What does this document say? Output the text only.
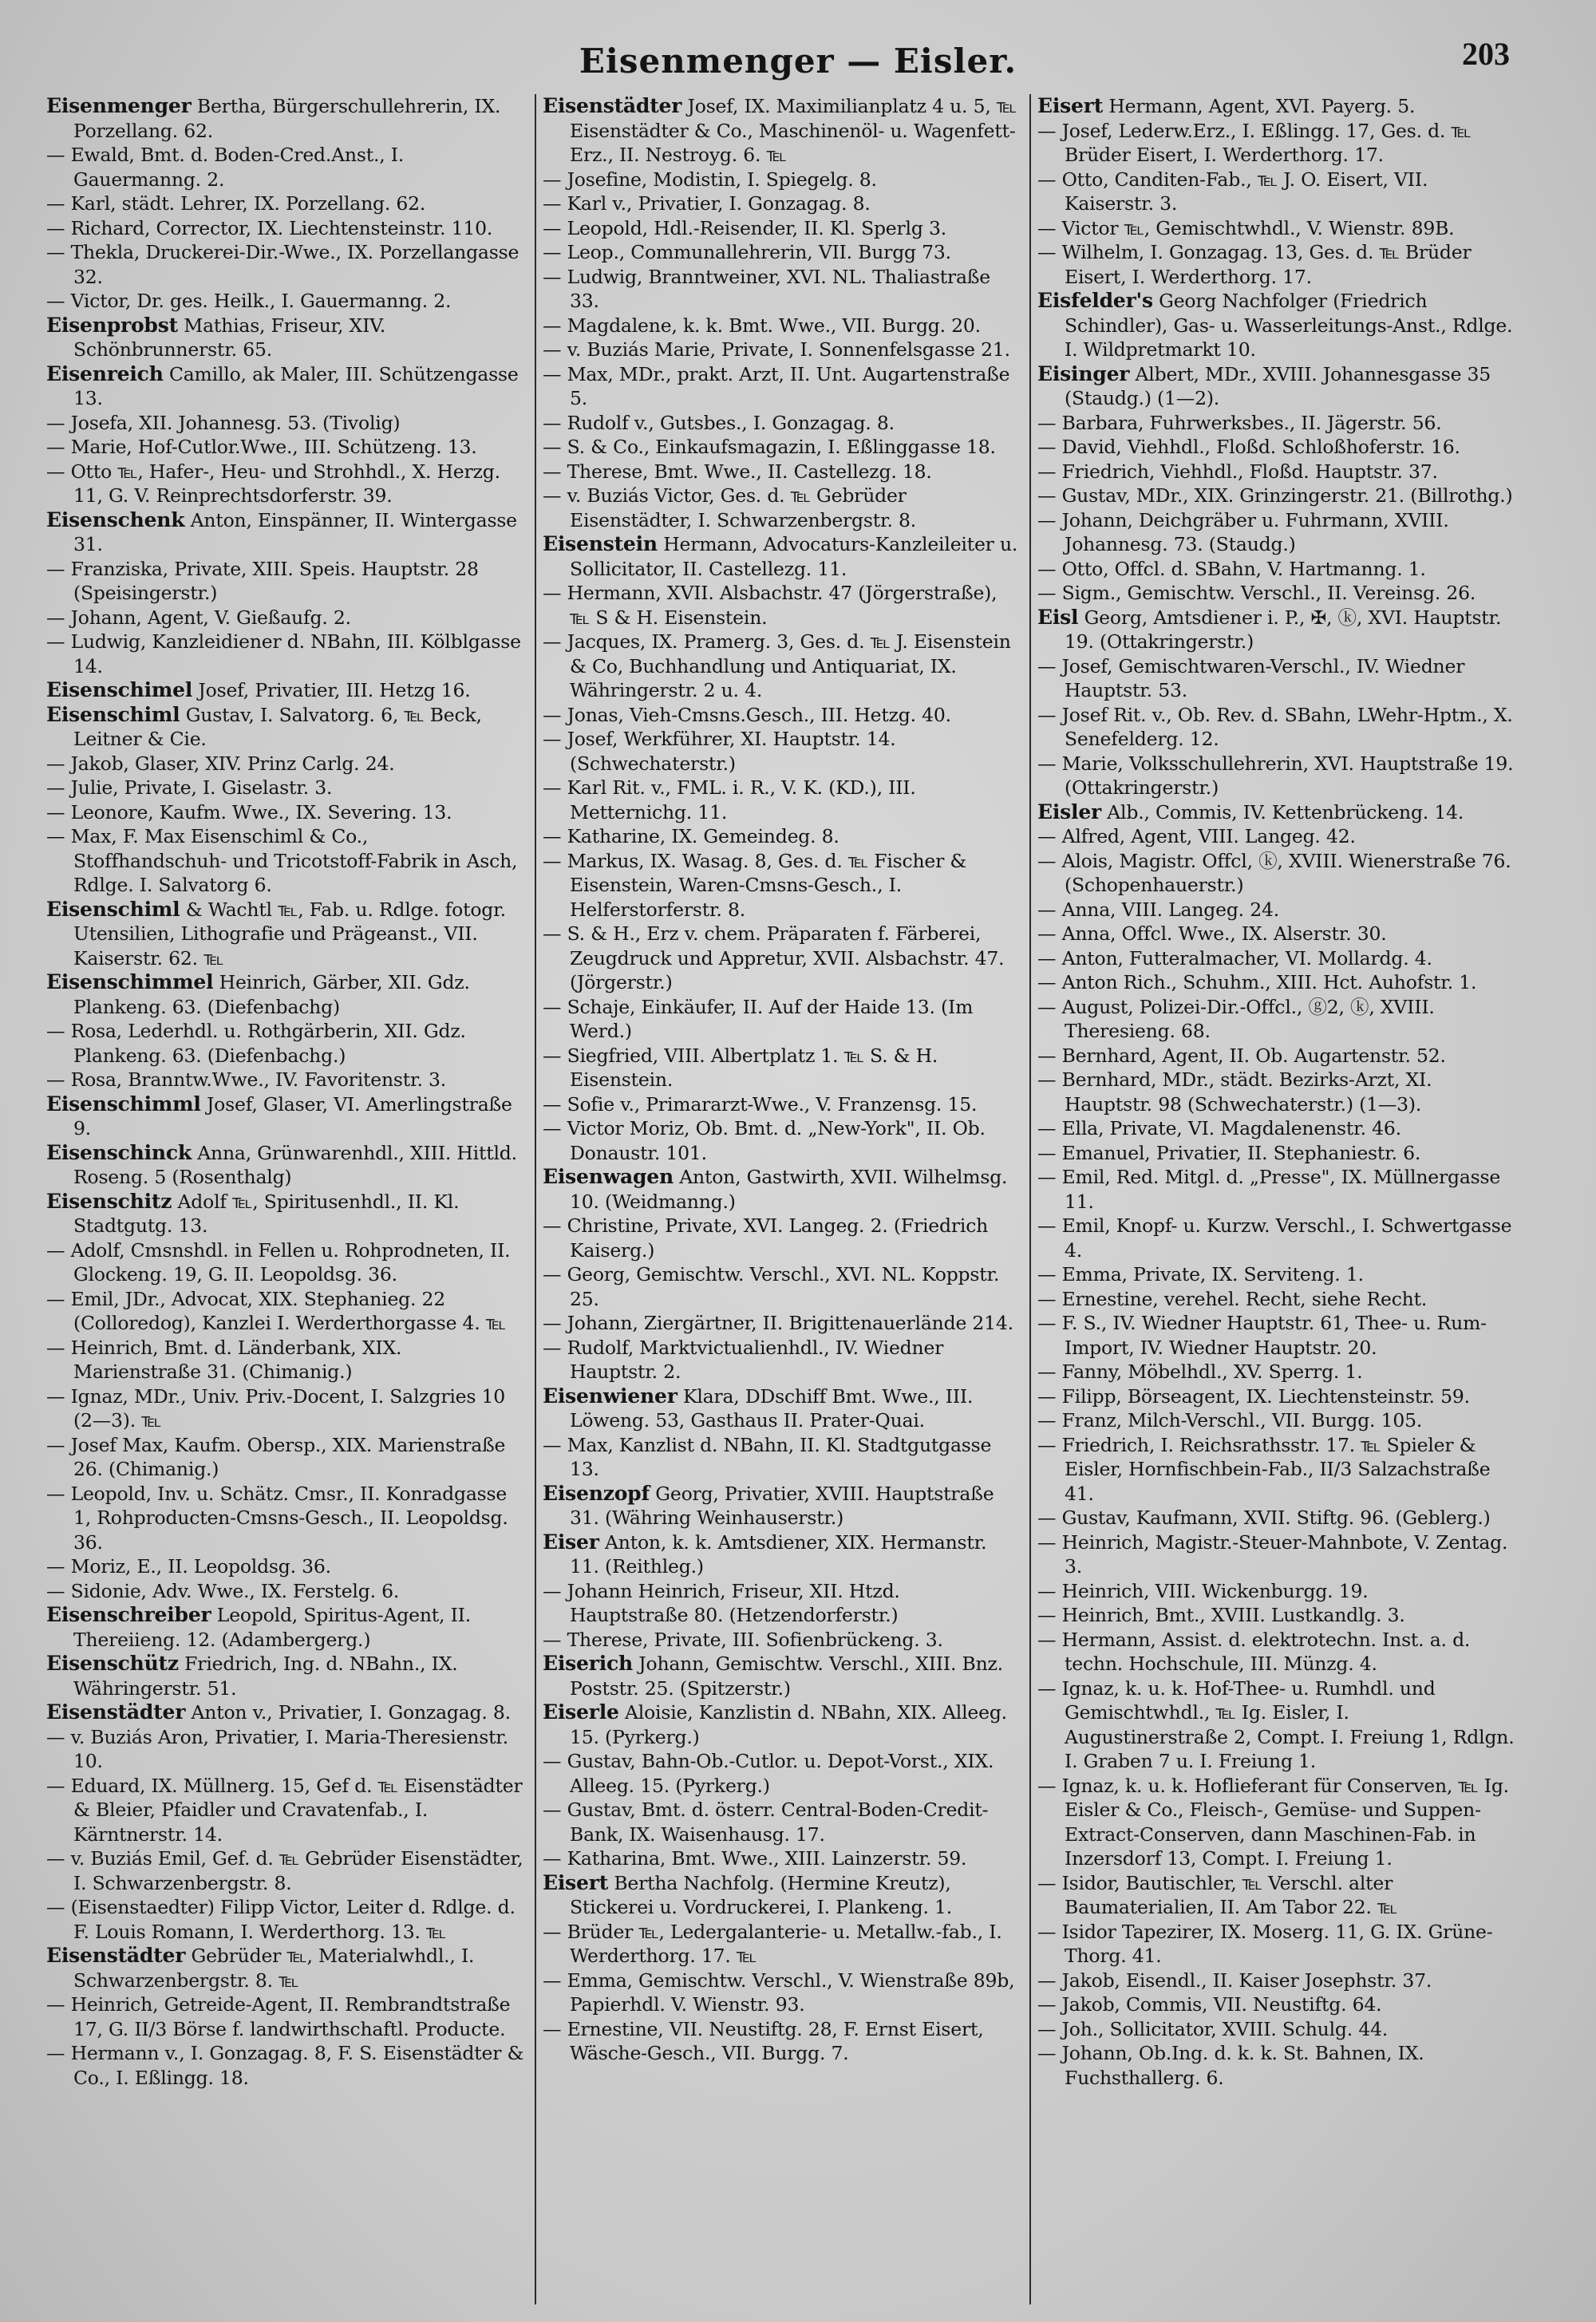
Eisenmenger — Eisler.	203

Eisenmenger Bertha, Bürgerschullehrerin, IX. Porzellang. 62.

— Ewald, Bmt. d. Boden-Cred.Anst., I. Gauermanng. 2.

— Karl, städt. Lehrer, IX. Porzellang. 62.

— Richard, Corrector, IX. Liechtensteinstr. 110.

— Thekla, Druckerei-Dir.-Wwe., IX. Porzellangasse 32.

— Victor, Dr. ges. Heilk., I. Gauermanng. 2.

Eisenprobst Mathias, Friseur, XIV. Schönbrunnerstr. 65.

Eisenreich Camillo, ak Maler, III. Schützengasse 13.

— Josefa, XII. Johannesg. 53. (Tivolig)

— Marie, Hof-Cutlor.Wwe., III. Schützeng. 13.

— Otto ℡, Hafer-, Heu- und Strohhdl., X. Herzg. 11, G. V. Reinprechtsdorferstr. 39.

Eisenschenk Anton, Einspänner, II. Wintergasse 31.

— Franziska, Private, XIII. Speis. Hauptstr. 28 (Speisingerstr.)

— Johann, Agent, V. Gießaufg. 2.

— Ludwig, Kanzleidiener d. NBahn, III. Kölblgasse 14.

Eisenschimel Josef, Privatier, III. Hetzg 16.

Eisenschiml Gustav, I. Salvatorg. 6, ℡ Beck, Leitner & Cie.

— Jakob, Glaser, XIV. Prinz Carlg. 24.

— Julie, Private, I. Giselastr. 3.

— Leonore, Kaufm. Wwe., IX. Severing. 13.

— Max, F. Max Eisenschiml & Co., Stoffhandschuh- und Tricotstoff-Fabrik in Asch, Rdlge. I. Salvatorg 6.

Eisenschiml & Wachtl ℡, Fab. u. Rdlge. fotogr. Utensilien, Lithografie und Prägeanst., VII. Kaiserstr. 62. ℡

Eisenschimmel Heinrich, Gärber, XII. Gdz. Plankeng. 63. (Diefenbachg)

— Rosa, Lederhdl. u. Rothgärberin, XII. Gdz. Plankeng. 63. (Diefenbachg.)

— Rosa, Branntw.Wwe., IV. Favoritenstr. 3.

Eisenschimml Josef, Glaser, VI. Amerlingstraße 9.

Eisenschinck Anna, Grünwarenhdl., XIII. Hittld. Roseng. 5 (Rosenthalg)

Eisenschitz Adolf ℡, Spiritusenhdl., II. Kl. Stadtgutg. 13.

— Adolf, Cmsnshdl. in Fellen u. Rohprodneten, II. Glockeng. 19, G. II. Leopoldsg. 36.

— Emil, JDr., Advocat, XIX. Stephanieg. 22 (Colloredog), Kanzlei I. Werderthorgasse 4. ℡

— Heinrich, Bmt. d. Länderbank, XIX. Marienstraße 31. (Chimanig.)

— Ignaz, MDr., Univ. Priv.-Docent, I. Salzgries 10 (2—3). ℡

— Josef Max, Kaufm. Obersp., XIX. Marienstraße 26. (Chimanig.)

— Leopold, Inv. u. Schätz. Cmsr., II. Konradgasse 1, Rohproducten-Cmsns-Gesch., II. Leopoldsg. 36.

— Moriz, E., II. Leopoldsg. 36.

— Sidonie, Adv. Wwe., IX. Ferstelg. 6.

Eisenschreiber Leopold, Spiritus-Agent, II. Thereiieng. 12. (Adambergerg.)

Eisenschütz Friedrich, Ing. d. NBahn., IX. Währingerstr. 51.

Eisenstädter Anton v., Privatier, I. Gonzagag. 8.

— v. Buziás Aron, Privatier, I. Maria-Theresienstr. 10.

— Eduard, IX. Müllnerg. 15, Gef d. ℡ Eisenstädter & Bleier, Pfaidler und Cravatenfab., I. Kärntnerstr. 14.

— v. Buziás Emil, Gef. d. ℡ Gebrüder Eisenstädter, I. Schwarzenbergstr. 8.

— (Eisenstaedter) Filipp Victor, Leiter d. Rdlge. d. F. Louis Romann, I. Werderthorg. 13. ℡

Eisenstädter Gebrüder ℡, Materialwhdl., I. Schwarzenbergstr. 8. ℡

— Heinrich, Getreide-Agent, II. Rembrandtstraße 17, G. II/3 Börse f. landwirthschaftl. Producte.

— Hermann v., I. Gonzagag. 8, F. S. Eisenstädter & Co., I. Eßlingg. 18.

Eisenstädter Josef, IX. Maximilianplatz 4 u. 5, ℡ Eisenstädter & Co., Maschinenöl- u. Wagenfett-Erz., II. Nestroyg. 6. ℡

— Josefine, Modistin, I. Spiegelg. 8.

— Karl v., Privatier, I. Gonzagag. 8.

— Leopold, Hdl.-Reisender, II. Kl. Sperlg 3.

— Leop., Communallehrerin, VII. Burgg 73.

— Ludwig, Branntweiner, XVI. NL. Thaliastraße 33.

— Magdalene, k. k. Bmt. Wwe., VII. Burgg. 20.

— v. Buziás Marie, Private, I. Sonnenfelsgasse 21.

— Max, MDr., prakt. Arzt, II. Unt. Augartenstraße 5.

— Rudolf v., Gutsbes., I. Gonzagag. 8.

— S. & Co., Einkaufsmagazin, I. Eßlinggasse 18.

— Therese, Bmt. Wwe., II. Castellezg. 18.

— v. Buziás Victor, Ges. d. ℡ Gebrüder Eisenstädter, I. Schwarzenbergstr. 8.

Eisenstein Hermann, Advocaturs-Kanzleileiter u. Sollicitator, II. Castellezg. 11.

— Hermann, XVII. Alsbachstr. 47 (Jörgerstraße), ℡ S & H. Eisenstein.

— Jacques, IX. Pramerg. 3, Ges. d. ℡ J. Eisenstein & Co, Buchhandlung und Antiquariat, IX. Währingerstr. 2 u. 4.

— Jonas, Vieh-Cmsns.Gesch., III. Hetzg. 40.

— Josef, Werkführer, XI. Hauptstr. 14. (Schwechaterstr.)

— Karl Rit. v., FML. i. R., V. K. (KD.), III. Metternichg. 11.

— Katharine, IX. Gemeindeg. 8.

— Markus, IX. Wasag. 8, Ges. d. ℡ Fischer & Eisenstein, Waren-Cmsns-Gesch., I. Helferstorferstr. 8.

— S. & H., Erz v. chem. Präparaten f. Färberei, Zeugdruck und Appretur, XVII. Alsbachstr. 47. (Jörgerstr.)

— Schaje, Einkäufer, II. Auf der Haide 13. (Im Werd.)

— Siegfried, VIII. Albertplatz 1. ℡ S. & H. Eisenstein.

— Sofie v., Primararzt-Wwe., V. Franzensg. 15.

— Victor Moriz, Ob. Bmt. d. „New-York", II. Ob. Donaustr. 101.

Eisenwagen Anton, Gastwirth, XVII. Wilhelmsg. 10. (Weidmanng.)

— Christine, Private, XVI. Langeg. 2. (Friedrich Kaiserg.)

— Georg, Gemischtw. Verschl., XVI. NL. Koppstr. 25.

— Johann, Ziergärtner, II. Brigittenauerlände 214.

— Rudolf, Marktvictualienhdl., IV. Wiedner Hauptstr. 2.

Eisenwiener Klara, DDschiff Bmt. Wwe., III. Löweng. 53, Gasthaus II. Prater-Quai.

— Max, Kanzlist d. NBahn, II. Kl. Stadtgutgasse 13.

Eisenzopf Georg, Privatier, XVIII. Hauptstraße 31. (Währing Weinhauserstr.)

Eiser Anton, k. k. Amtsdiener, XIX. Hermanstr. 11. (Reithleg.)

— Johann Heinrich, Friseur, XII. Htzd. Hauptstraße 80. (Hetzendorferstr.)

— Therese, Private, III. Sofienbrückeng. 3.

Eiserich Johann, Gemischtw. Verschl., XIII. Bnz. Poststr. 25. (Spitzerstr.)

Eiserle Aloisie, Kanzlistin d. NBahn, XIX. Alleeg. 15. (Pyrkerg.)

— Gustav, Bahn-Ob.-Cutlor. u. Depot-Vorst., XIX. Alleeg. 15. (Pyrkerg.)

— Gustav, Bmt. d. österr. Central-Boden-Credit-Bank, IX. Waisenhausg. 17.

— Katharina, Bmt. Wwe., XIII. Lainzerstr. 59.

Eisert Bertha Nachfolg. (Hermine Kreutz), Stickerei u. Vordruckerei, I. Plankeng. 1.

— Brüder ℡, Ledergalanterie- u. Metallw.-fab., I. Werderthorg. 17. ℡

— Emma, Gemischtw. Verschl., V. Wienstraße 89b, Papierhdl. V. Wienstr. 93.

— Ernestine, VII. Neustiftg. 28, F. Ernst Eisert, Wäsche-Gesch., VII. Burgg. 7.

Eisert Hermann, Agent, XVI. Payerg. 5.

— Josef, Lederw.Erz., I. Eßlingg. 17, Ges. d. ℡ Brüder Eisert, I. Werderthorg. 17.

— Otto, Canditen-Fab., ℡ J. O. Eisert, VII. Kaiserstr. 3.

— Victor ℡, Gemischtwhdl., V. Wienstr. 89B.

— Wilhelm, I. Gonzagag. 13, Ges. d. ℡ Brüder Eisert, I. Werderthorg. 17.

Eisfelder's Georg Nachfolger (Friedrich Schindler), Gas- u. Wasserleitungs-Anst., Rdlge. I. Wildpretmarkt 10.

Eisinger Albert, MDr., XVIII. Johannesgasse 35 (Staudg.) (1—2).

— Barbara, Fuhrwerksbes., II. Jägerstr. 56.

— David, Viehhdl., Floßd. Schloßhoferstr. 16.

— Friedrich, Viehhdl., Floßd. Hauptstr. 37.

— Gustav, MDr., XIX. Grinzingerstr. 21. (Billrothg.)

— Johann, Deichgräber u. Fuhrmann, XVIII. Johannesg. 73. (Staudg.)

— Otto, Offcl. d. SBahn, V. Hartmanng. 1.

— Sigm., Gemischtw. Verschl., II. Vereinsg. 26.

Eisl Georg, Amtsdiener i. P., ✠, ⓚ, XVI. Hauptstr. 19. (Ottakringerstr.)

— Josef, Gemischtwaren-Verschl., IV. Wiedner Hauptstr. 53.

— Josef Rit. v., Ob. Rev. d. SBahn, LWehr-Hptm., X. Senefelderg. 12.

— Marie, Volksschullehrerin, XVI. Hauptstraße 19. (Ottakringerstr.)

Eisler Alb., Commis, IV. Kettenbrückeng. 14.

— Alfred, Agent, VIII. Langeg. 42.

— Alois, Magistr. Offcl, ⓚ, XVIII. Wienerstraße 76. (Schopenhauerstr.)

— Anna, VIII. Langeg. 24.

— Anna, Offcl. Wwe., IX. Alserstr. 30.

— Anton, Futteralmacher, VI. Mollardg. 4.

— Anton Rich., Schuhm., XIII. Hct. Auhofstr. 1.

— August, Polizei-Dir.-Offcl., ⓖ2, ⓚ, XVIII. Theresieng. 68.

— Bernhard, Agent, II. Ob. Augartenstr. 52.

— Bernhard, MDr., städt. Bezirks-Arzt, XI. Hauptstr. 98 (Schwechaterstr.) (1—3).

— Ella, Private, VI. Magdalenenstr. 46.

— Emanuel, Privatier, II. Stephaniestr. 6.

— Emil, Red. Mitgl. d. „Presse", IX. Müllnergasse 11.

— Emil, Knopf- u. Kurzw. Verschl., I. Schwertgasse 4.

— Emma, Private, IX. Serviteng. 1.

— Ernestine, verehel. Recht, siehe Recht.

— F. S., IV. Wiedner Hauptstr. 61, Thee- u. Rum-Import, IV. Wiedner Hauptstr. 20.

— Fanny, Möbelhdl., XV. Sperrg. 1.

— Filipp, Börseagent, IX. Liechtensteinstr. 59.

— Franz, Milch-Verschl., VII. Burgg. 105.

— Friedrich, I. Reichsrathsstr. 17. ℡ Spieler & Eisler, Hornfischbein-Fab., II/3 Salzachstraße 41.

— Gustav, Kaufmann, XVII. Stiftg. 96. (Geblerg.)

— Heinrich, Magistr.-Steuer-Mahnbote, V. Zentag. 3.

— Heinrich, VIII. Wickenburgg. 19.

— Heinrich, Bmt., XVIII. Lustkandlg. 3.

— Hermann, Assist. d. elektrotechn. Inst. a. d. techn. Hochschule, III. Münzg. 4.

— Ignaz, k. u. k. Hof-Thee- u. Rumhdl. und Gemischtwhdl., ℡ Ig. Eisler, I. Augustinerstraße 2, Compt. I. Freiung 1, Rdlgn. I. Graben 7 u. I. Freiung 1.

— Ignaz, k. u. k. Hoflieferant für Conserven, ℡ Ig. Eisler & Co., Fleisch-, Gemüse- und Suppen-Extract-Conserven, dann Maschinen-Fab. in Inzersdorf 13, Compt. I. Freiung 1.

— Isidor, Bautischler, ℡ Verschl. alter Baumaterialien, II. Am Tabor 22. ℡

— Isidor Tapezirer, IX. Moserg. 11, G. IX. Grüne-Thorg. 41.

— Jakob, Eisendl., II. Kaiser Josephstr. 37.

— Jakob, Commis, VII. Neustiftg. 64.

— Joh., Sollicitator, XVIII. Schulg. 44.

— Johann, Ob.Ing. d. k. k. St. Bahnen, IX. Fuchsthallerg. 6.
